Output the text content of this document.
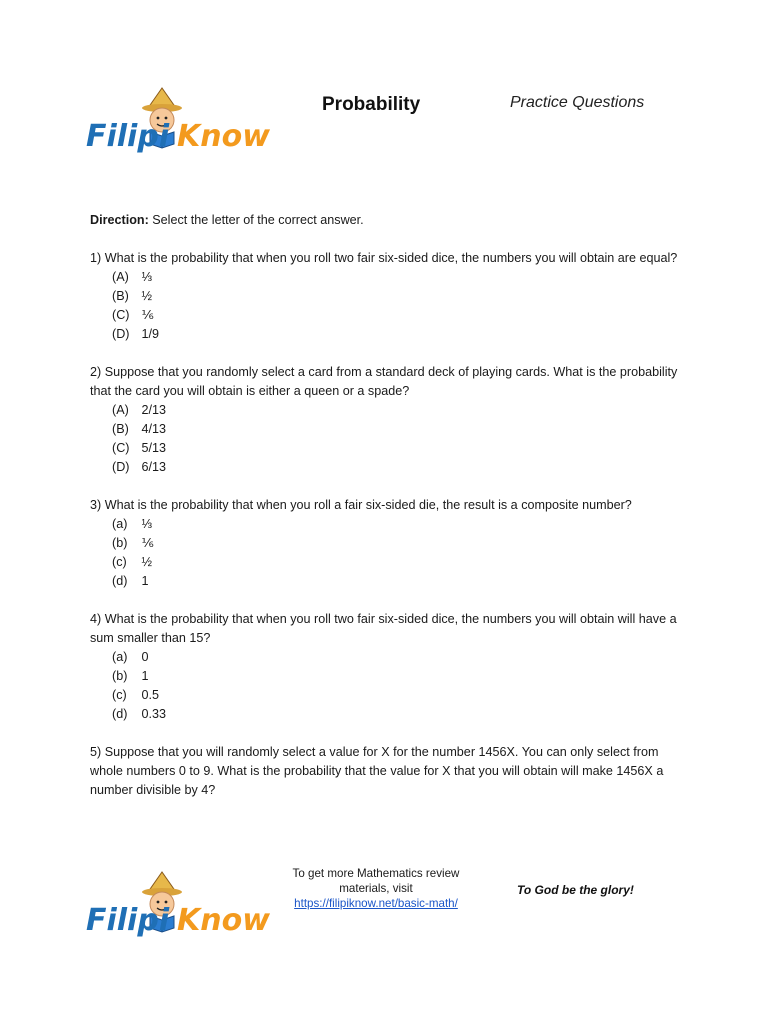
Filipi Know
Probability	Practice Questions

Direction: Select the letter of the correct answer.

1) What is the probability that when you roll two fair six-sided dice, the numbers you will obtain are equal?

(A) ⅓
(B) ½
(C) ⅙
(D) 1/9

2) Suppose that you randomly select a card from a standard deck of playing cards. What is the probability that the card you will obtain is either a queen or a spade?

(A) 2/13
(B) 4/13
(C) 5/13
(D) 6/13

3) What is the probability that when you roll a fair six-sided die, the result is a composite number?

(a) ⅓
(b) ⅙
(c) ½
(d) 1

4) What is the probability that when you roll two fair six-sided dice, the numbers you will obtain will have a sum smaller than 15?

(a) 0
(b) 1
(c) 0.5
(d) 0.33

5) Suppose that you will randomly select a value for X for the number 1456X. You can only select from whole numbers 0 to 9. What is the probability that the value for X that you will obtain will make 1456X a number divisible by 4?

Filipi Know
To get more Mathematics review materials, visit
https://filipiknow.net/basic-math/
To God be the glory!
